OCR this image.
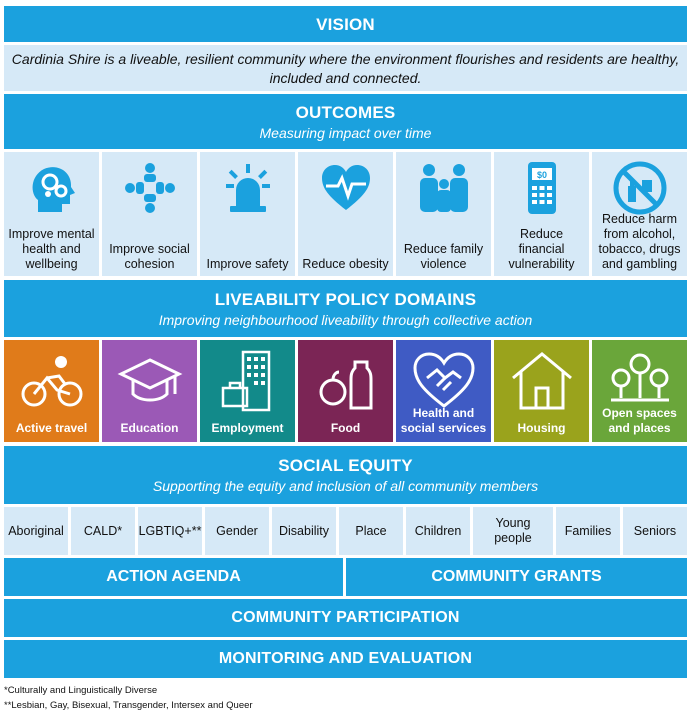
VISION
Cardinia Shire is a liveable, resilient community where the environment flourishes and residents are healthy, included and connected.
OUTCOMES
Measuring impact over time
Improve mental health and wellbeing
Improve social cohesion	Improve safety	Reduce obesity
Reduce family violence
$0
Reduce financial vulnerability
Reduce harm from alcohol, tobacco, drugs and gambling
LIVEABILITY POLICY DOMAINS
Improving neighbourhood liveability through collective action
Active travel	Education	Employment	Food
Health and social services	Housing
Open spaces and places
SOCIAL EQUITY
Supporting the equity and inclusion of all community members
Aboriginal	CALD*	LGBTIQ+**	Gender	Disability	Place	Children
Young people
Families	Seniors
ACTION AGENDA	COMMUNITY GRANTS
COMMUNITY PARTICIPATION
MONITORING AND EVALUATION
*Culturally and Linguistically Diverse
**Lesbian, Gay, Bisexual, Transgender, Intersex and Queer
